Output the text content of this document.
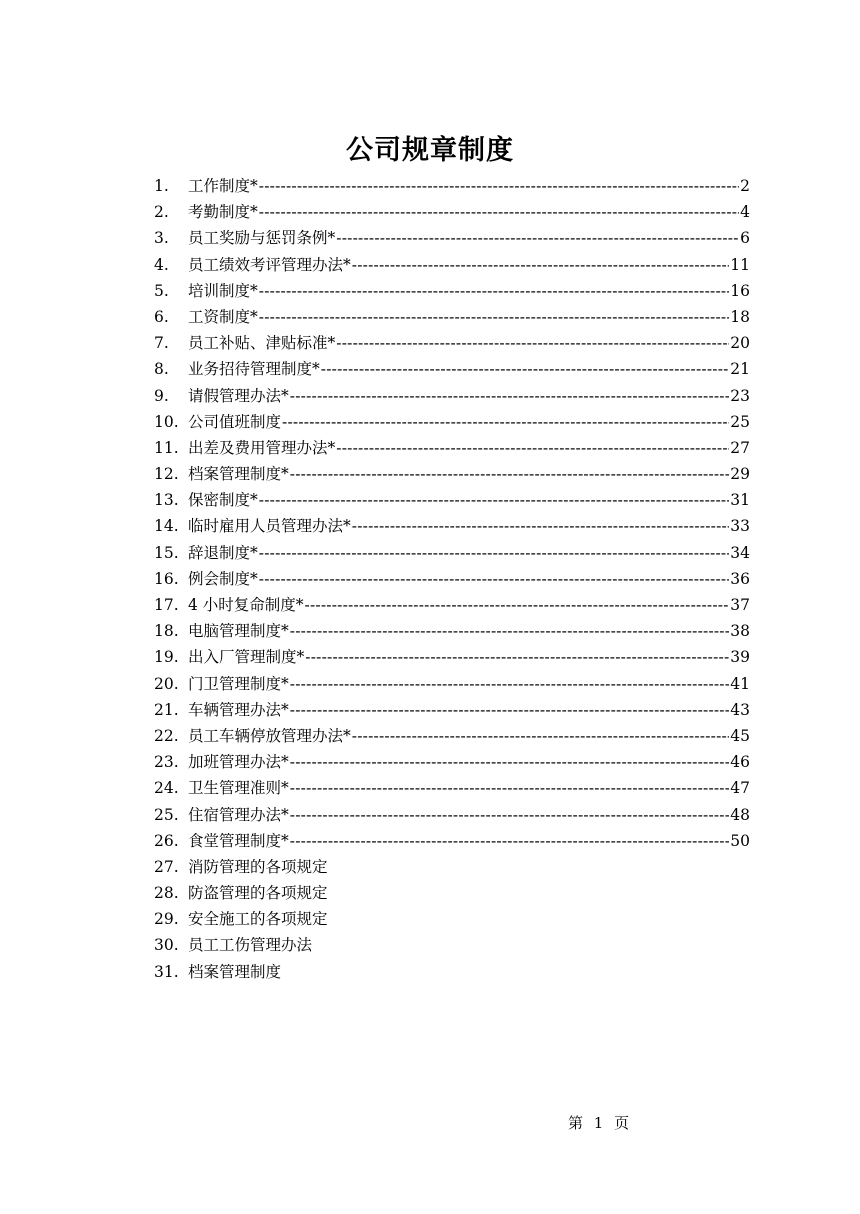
公司规章制度
1.	工作制度* -----	2
2.	考勤制度* -----	4
3.	员工奖励与惩罚条例* -----	6
4.	员工绩效考评管理办法* -----	11
5.	培训制度* -----	16
6.	工资制度* -----	18
7.	员工补贴、津贴标准* -----	20
8.	业务招待管理制度* -----	21
9.	请假管理办法* -----	23
10. 公司值班制度 -----	25
11. 出差及费用管理办法* -----	27
12. 档案管理制度* -----	29
13. 保密制度* -----	31
14. 临时雇用人员管理办法* -----	33
15. 辞退制度* -----	34
16. 例会制度* -----	36
17. 4 小时复命制度* -----	37
18. 电脑管理制度* -----	38
19. 出入厂管理制度* -----	39
20. 门卫管理制度* -----	41
21. 车辆管理办法* -----	43
22. 员工车辆停放管理办法* -----	45
23. 加班管理办法* -----	46
24. 卫生管理准则* -----	47
25. 住宿管理办法* -----	48
26. 食堂管理制度* -----	50
27. 消防管理的各项规定
28. 防盗管理的各项规定
29. 安全施工的各项规定
30. 员工工伤管理办法
31. 档案管理制度
第 1 页
